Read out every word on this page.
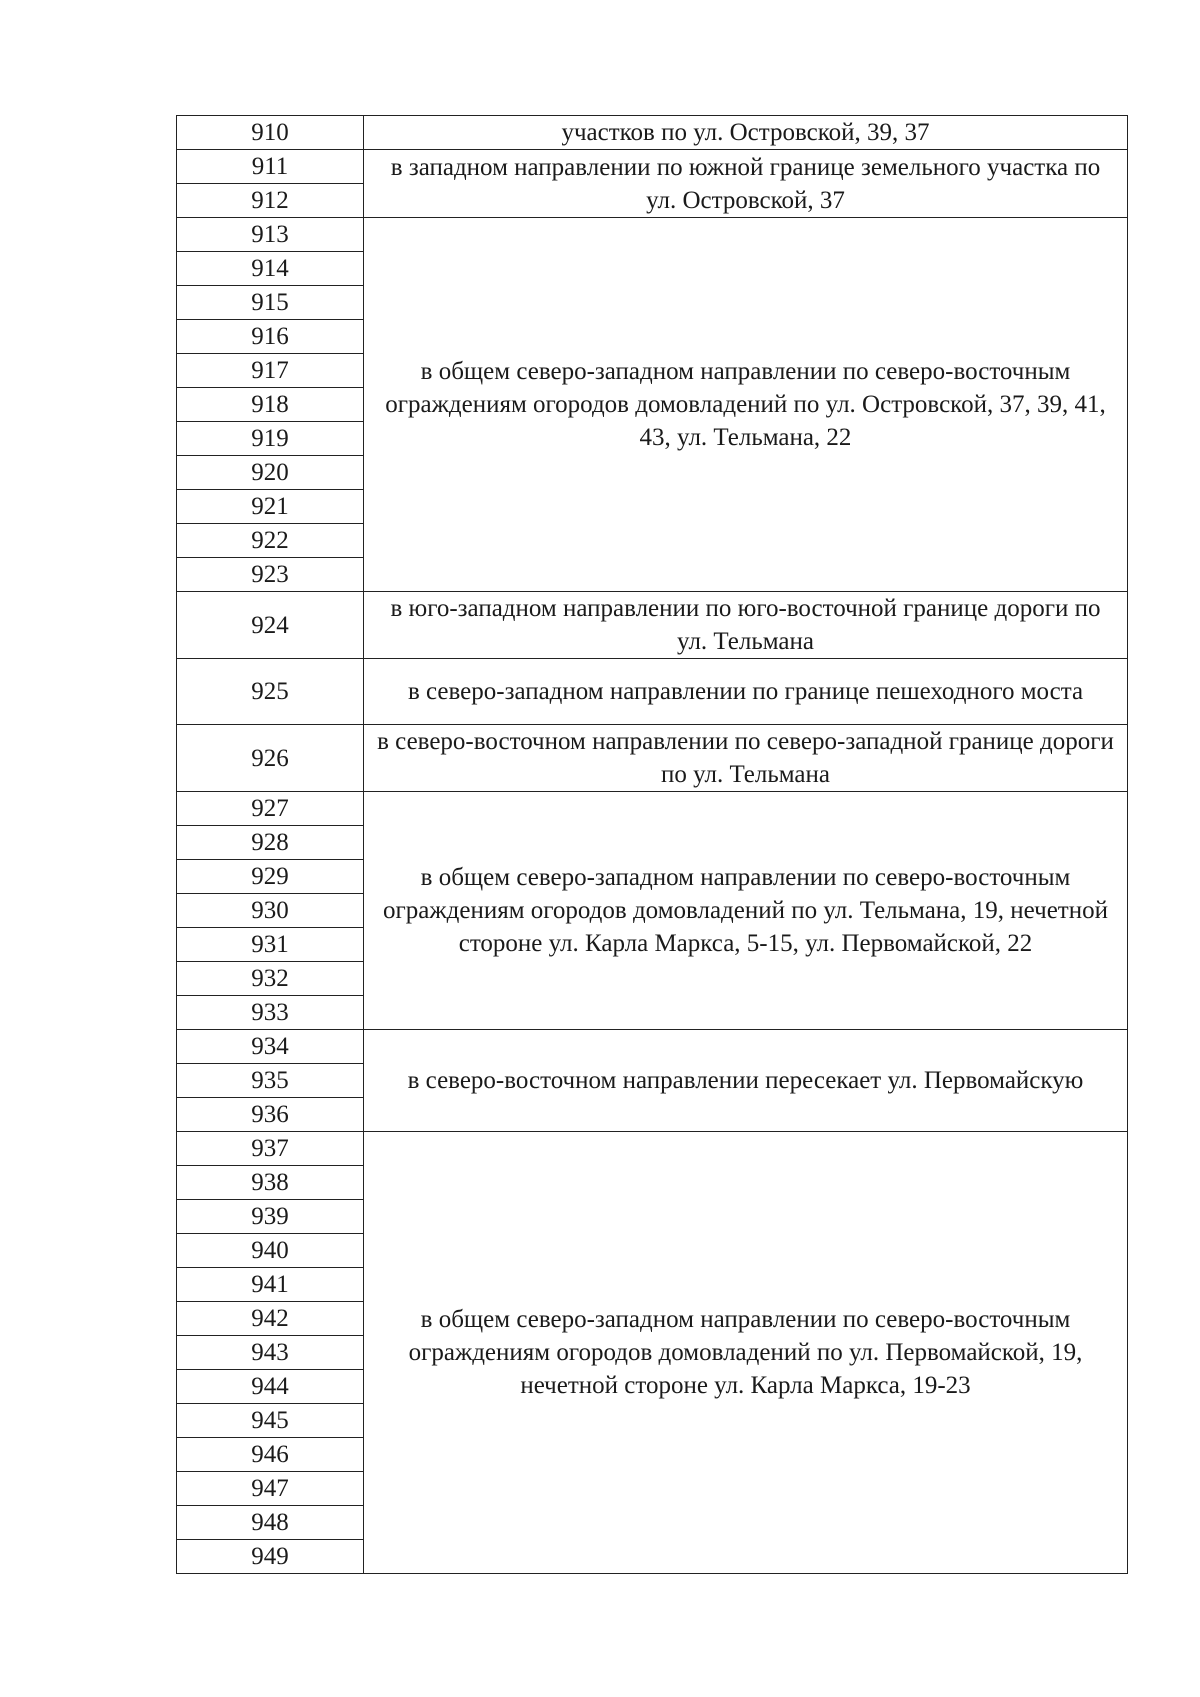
910	участков по ул. Островской, 39, 37
911	в западном направлении по южной границе земельного участка по ул. Островской, 37
912	
913	в общем северо-западном направлении по северо-восточным ограждениям огородов домовладений по ул. Островской, 37, 39, 41, 43, ул. Тельмана, 22
914	
915	
916	
917	
918	
919	
920	
921	
922	
923	
924	в юго-западном направлении по юго-восточной границе дороги по ул. Тельмана
925	в северо-западном направлении по границе пешеходного моста
926	в северо-восточном направлении по северо-западной границе дороги по ул. Тельмана
927	в общем северо-западном направлении по северо-восточным ограждениям огородов домовладений по ул. Тельмана, 19, нечетной стороне ул. Карла Маркса, 5-15, ул. Первомайской, 22
928	
929	
930	
931	
932	
933	
934	в северо-восточном направлении пересекает ул. Первомайскую
935	
936	
937	в общем северо-западном направлении по северо-восточным ограждениям огородов домовладений по ул. Первомайской, 19, нечетной стороне ул. Карла Маркса, 19-23
938	
939	
940	
941	
942	
943	
944	
945	
946	
947	
948	
949	
